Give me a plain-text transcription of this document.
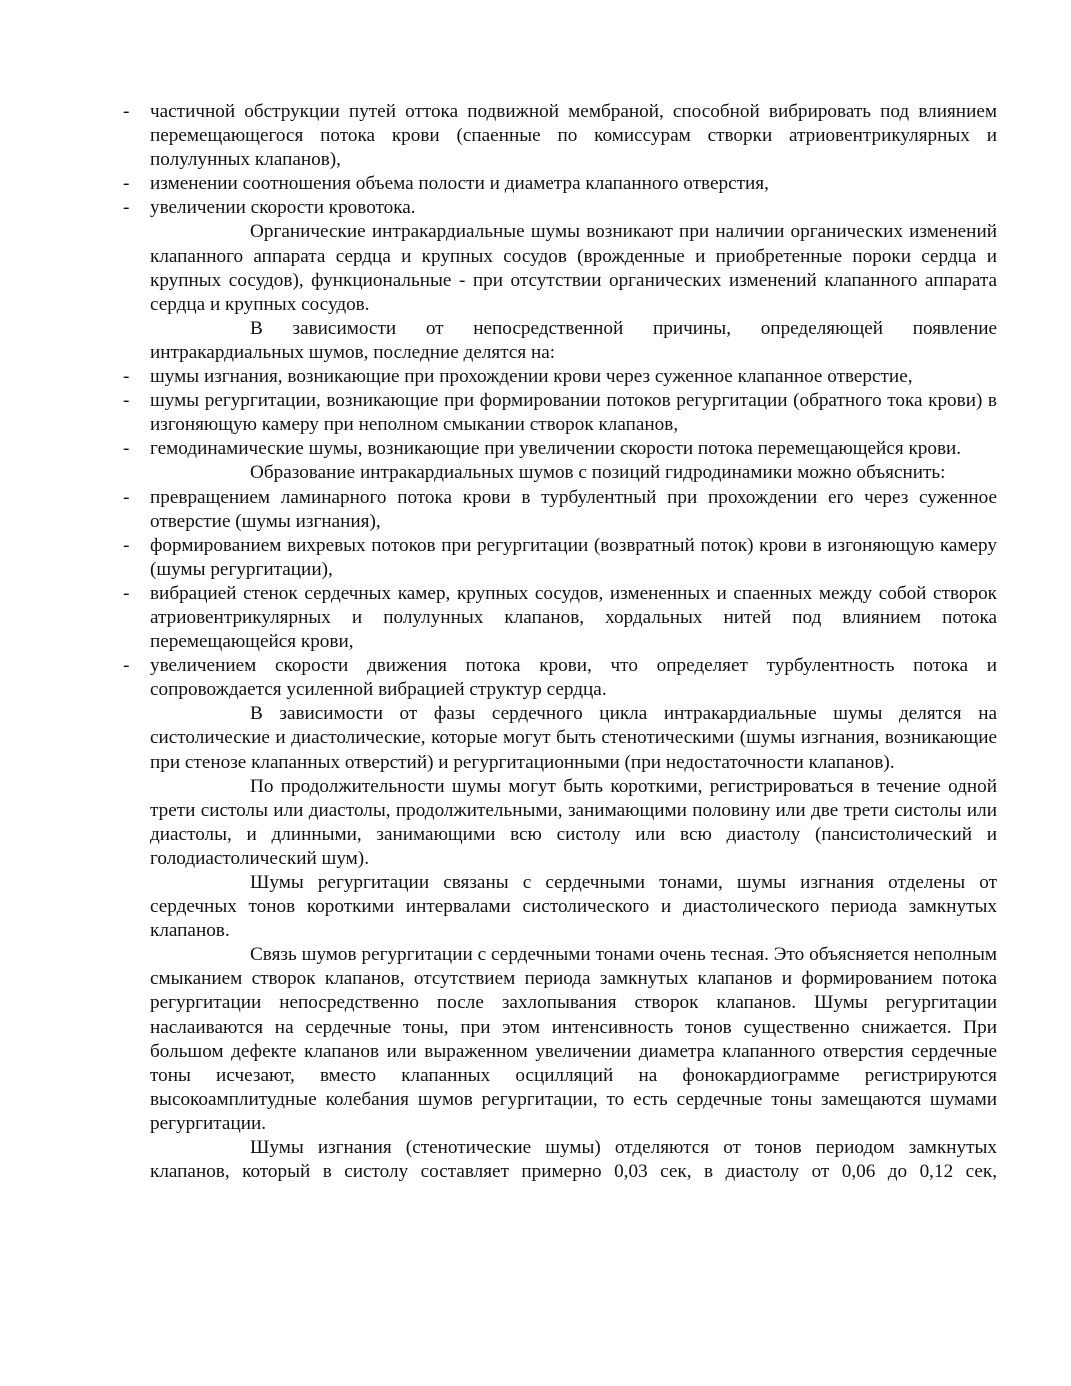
- частичной обструкции путей оттока подвижной мембраной, способной вибрировать под влиянием перемещающегося потока крови (спаенные по комиссурам створки атриовентрикулярных и полулунных клапанов),

- изменении соотношения объема полости и диаметра клапанного отверстия,

- увеличении скорости кровотока.

Органические интракардиальные шумы возникают при наличии органических изменений клапанного аппарата сердца и крупных сосудов (врожденные и приобретенные пороки сердца и крупных сосудов), функциональные - при отсутствии органических изменений клапанного аппарата сердца и крупных сосудов.

В зависимости от непосредственной причины, определяющей появление интракардиальных шумов, последние делятся на:

- шумы изгнания, возникающие при прохождении крови через суженное клапанное отверстие,

- шумы регургитации, возникающие при формировании потоков регургитации (обратного тока крови) в изгоняющую камеру при неполном смыкании створок клапанов,

- гемодинамические шумы, возникающие при увеличении скорости потока перемещающейся крови.

Образование интракардиальных шумов с позиций гидродинамики можно объяснить:

- превращением ламинарного потока крови в турбулентный при прохождении его через суженное отверстие (шумы изгнания),

- формированием вихревых потоков при регургитации (возвратный поток) крови в изгоняющую камеру (шумы регургитации),

- вибрацией стенок сердечных камер, крупных сосудов, измененных и спаенных между собой створок атриовентрикулярных и полулунных клапанов, хордальных нитей под влиянием потока перемещающейся крови,

- увеличением скорости движения потока крови, что определяет турбулентность потока и сопровождается усиленной вибрацией структур сердца.

В зависимости от фазы сердечного цикла интракардиальные шумы делятся на систолические и диастолические, которые могут быть стенотическими (шумы изгнания, возникающие при стенозе клапанных отверстий) и регургитационными (при недостаточности клапанов).

По продолжительности шумы могут быть короткими, регистрироваться в течение одной трети систолы или диастолы, продолжительными, занимающими половину или две трети систолы или диастолы, и длинными, занимающими всю систолу или всю диастолу (пансистолический и голодиастолический шум).

Шумы регургитации связаны с сердечными тонами, шумы изгнания отделены от сердечных тонов короткими интервалами систолического и диастолического периода замкнутых клапанов.

Связь шумов регургитации с сердечными тонами очень тесная. Это объясняется неполным смыканием створок клапанов, отсутствием периода замкнутых клапанов и формированием потока регургитации непосредственно после захлопывания створок клапанов. Шумы регургитации наслаиваются на сердечные тоны, при этом интенсивность тонов существенно снижается. При большом дефекте клапанов или выраженном увеличении диаметра клапанного отверстия сердечные тоны исчезают, вместо клапанных осцилляций на фонокардиограмме регистрируются высокоамплитудные колебания шумов регургитации, то есть сердечные тоны замещаются шумами регургитации.

Шумы изгнания (стенотические шумы) отделяются от тонов периодом замкнутых клапанов, который в систолу составляет примерно 0,03 сек, в диастолу от 0,06 до 0,12 сек,
